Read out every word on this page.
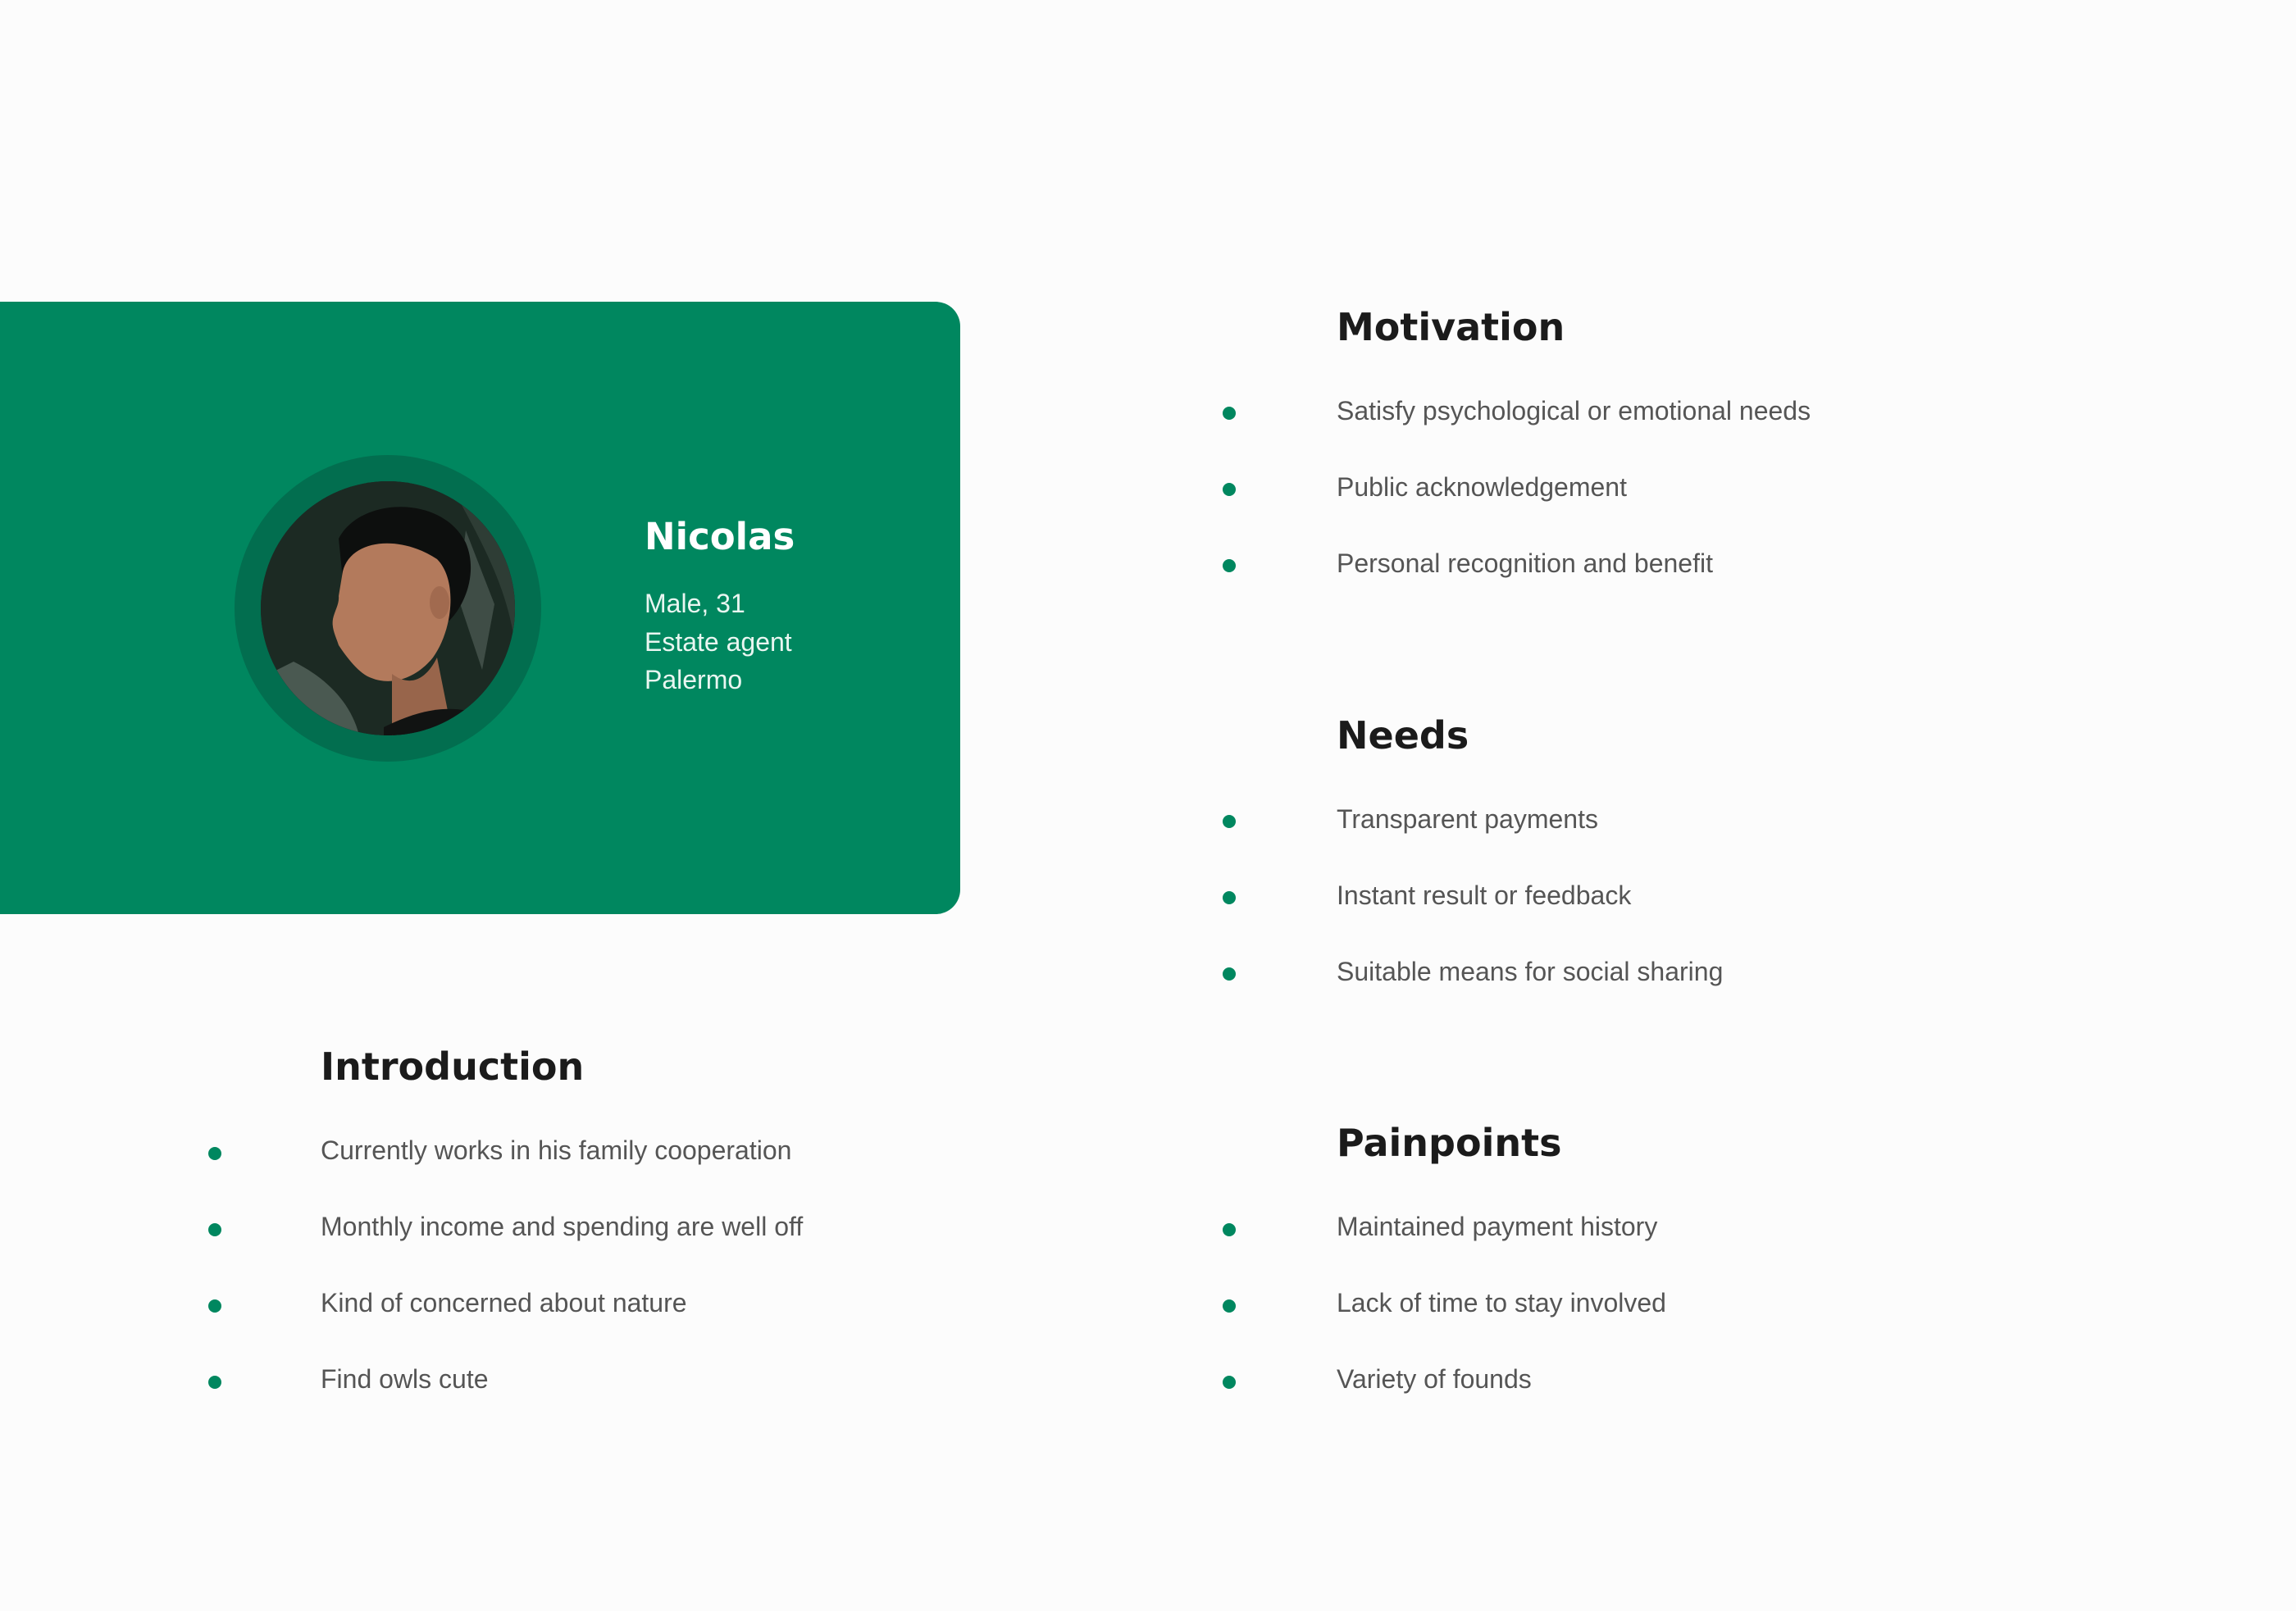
Nicolas
Male, 31
Estate agent
Palermo
Introduction
Currently works in his family cooperation
Monthly income and spending are well off
Kind of concerned about nature
Find owls cute
Motivation
Satisfy psychological or emotional needs
Public acknowledgement
Personal recognition and benefit
Needs
Transparent payments
Instant result or feedback
Suitable means for social sharing
Painpoints
Maintained payment history
Lack of time to stay involved
Variety of founds
